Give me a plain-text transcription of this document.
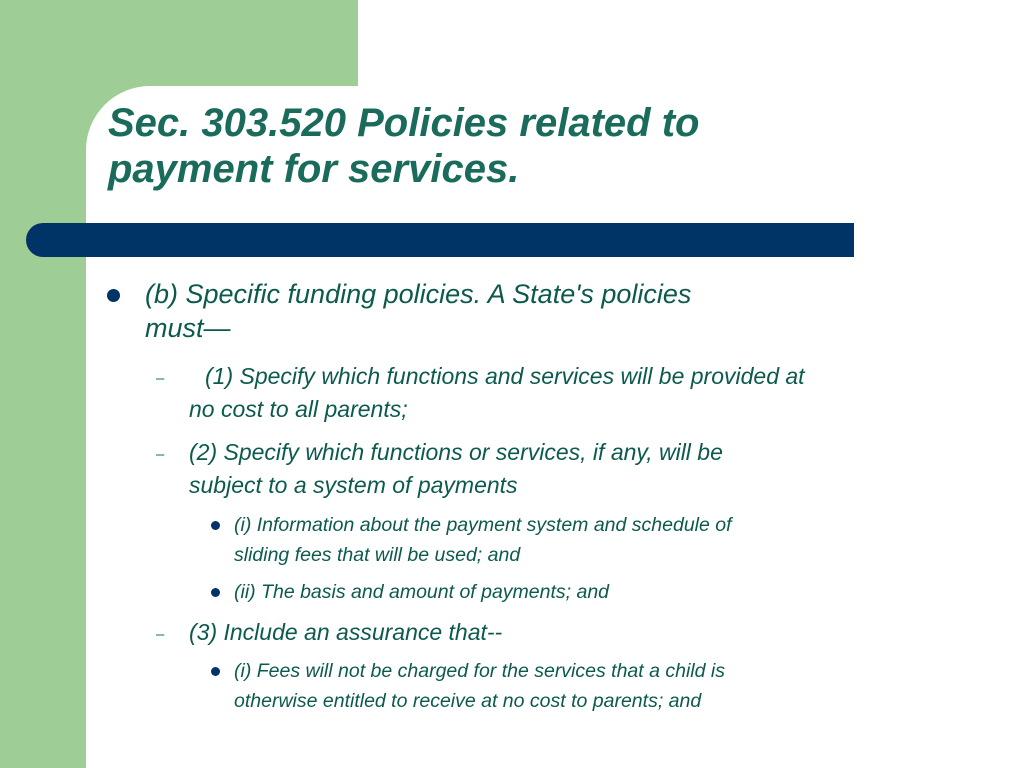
Sec. 303.520 Policies related to
payment for services.
(b) Specific funding policies. A State's policies
must—
–	(1) Specify which functions and services will be provided at
no cost to all parents;
– (2) Specify which functions or services, if any, will be
subject to a system of payments
(i) Information about the payment system and schedule of
sliding fees that will be used; and
(ii) The basis and amount of payments; and
– (3) Include an assurance that--
(i) Fees will not be charged for the services that a child is
otherwise entitled to receive at no cost to parents; and
